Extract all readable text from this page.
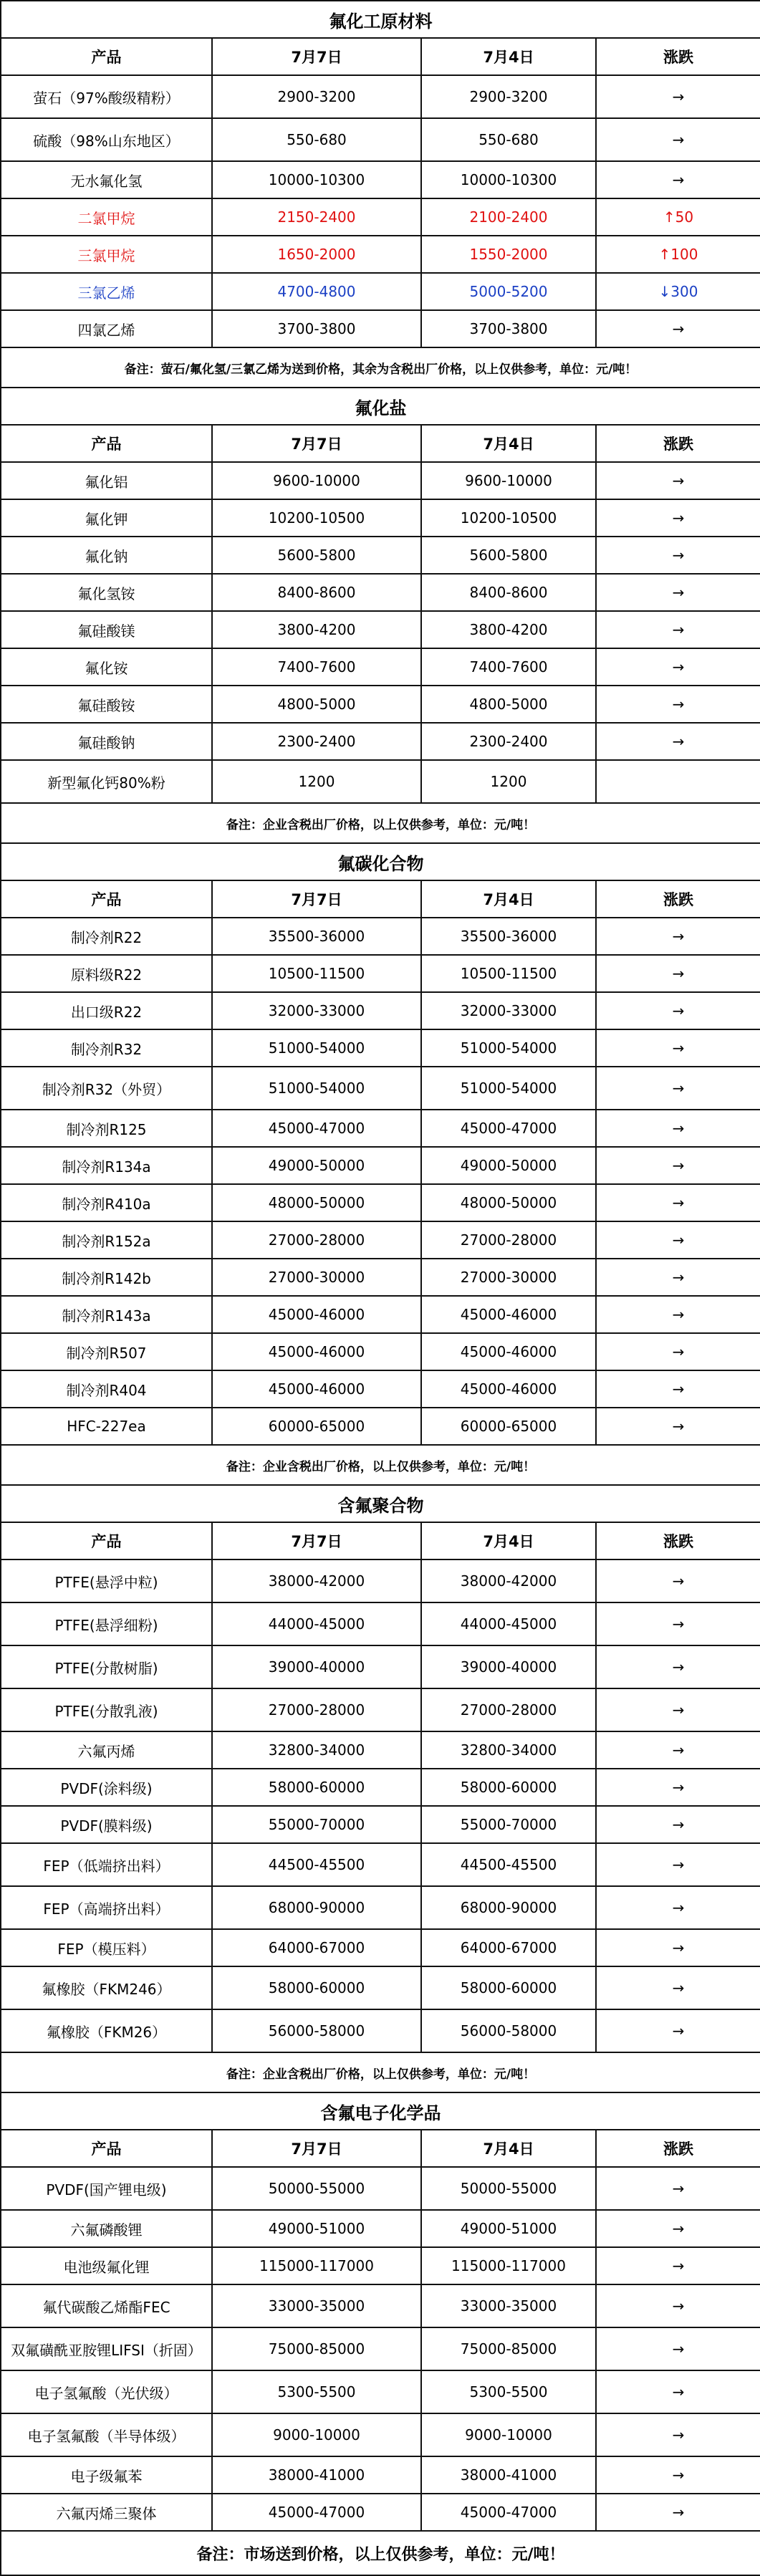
氟化工原材料			
产品	7月7日	7月4日	涨跌
萤石（97%酸级精粉）	2900-3200	2900-3200	→
硫酸（98%山东地区）	550-680	550-680	→
无水氟化氢	10000-10300	10000-10300	→
二氯甲烷	2150-2400	2100-2400	↑50
三氯甲烷	1650-2000	1550-2000	↑100
三氯乙烯	4700-4800	5000-5200	↓300
四氯乙烯	3700-3800	3700-3800	→
备注：萤石/氟化氢/三氯乙烯为送到价格，其余为含税出厂价格，以上仅供参考，单位：元/吨！			
氟化盐			
产品	7月7日	7月4日	涨跌
氟化铝	9600-10000	9600-10000	→
氟化钾	10200-10500	10200-10500	→
氟化钠	5600-5800	5600-5800	→
氟化氢铵	8400-8600	8400-8600	→
氟硅酸镁	3800-4200	3800-4200	→
氟化铵	7400-7600	7400-7600	→
氟硅酸铵	4800-5000	4800-5000	→
氟硅酸钠	2300-2400	2300-2400	→
新型氟化钙80%粉	1200	1200	
备注：企业含税出厂价格，以上仅供参考，单位：元/吨！			
氟碳化合物			
产品	7月7日	7月4日	涨跌
制冷剂R22	35500-36000	35500-36000	→
原料级R22	10500-11500	10500-11500	→
出口级R22	32000-33000	32000-33000	→
制冷剂R32	51000-54000	51000-54000	→
制冷剂R32（外贸）	51000-54000	51000-54000	→
制冷剂R125	45000-47000	45000-47000	→
制冷剂R134a	49000-50000	49000-50000	→
制冷剂R410a	48000-50000	48000-50000	→
制冷剂R152a	27000-28000	27000-28000	→
制冷剂R142b	27000-30000	27000-30000	→
制冷剂R143a	45000-46000	45000-46000	→
制冷剂R507	45000-46000	45000-46000	→
制冷剂R404	45000-46000	45000-46000	→
HFC-227ea	60000-65000	60000-65000	→
备注：企业含税出厂价格，以上仅供参考，单位：元/吨！			
含氟聚合物			
产品	7月7日	7月4日	涨跌
PTFE(悬浮中粒)	38000-42000	38000-42000	→
PTFE(悬浮细粉)	44000-45000	44000-45000	→
PTFE(分散树脂)	39000-40000	39000-40000	→
PTFE(分散乳液)	27000-28000	27000-28000	→
六氟丙烯	32800-34000	32800-34000	→
PVDF(涂料级)	58000-60000	58000-60000	→
PVDF(膜料级)	55000-70000	55000-70000	→
FEP（低端挤出料）	44500-45500	44500-45500	→
FEP（高端挤出料）	68000-90000	68000-90000	→
FEP（模压料）	64000-67000	64000-67000	→
氟橡胶（FKM246）	58000-60000	58000-60000	→
氟橡胶（FKM26）	56000-58000	56000-58000	→
备注：企业含税出厂价格，以上仅供参考，单位：元/吨！			
含氟电子化学品			
产品	7月7日	7月4日	涨跌
PVDF(国产锂电级)	50000-55000	50000-55000	→
六氟磷酸锂	49000-51000	49000-51000	→
电池级氟化锂	115000-117000	115000-117000	→
氟代碳酸乙烯酯FEC	33000-35000	33000-35000	→
双氟磺酰亚胺锂LIFSI（折固）	75000-85000	75000-85000	→
电子氢氟酸（光伏级）	5300-5500	5300-5500	→
电子氢氟酸（半导体级）	9000-10000	9000-10000	→
电子级氟苯	38000-41000	38000-41000	→
六氟丙烯三聚体	45000-47000	45000-47000	→
备注：市场送到价格，以上仅供参考，单位：元/吨！			
